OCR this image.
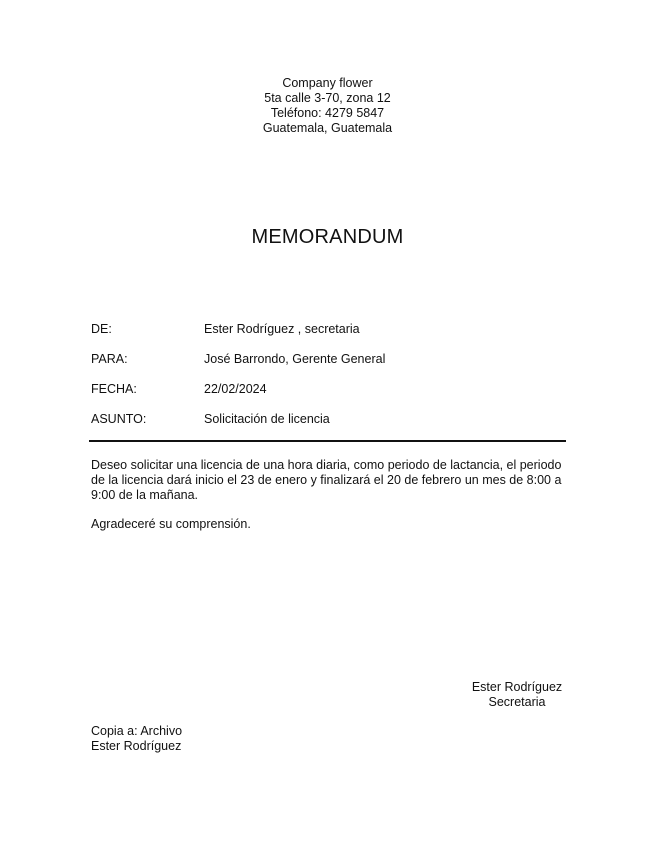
Company flower
5ta calle 3-70, zona 12
Teléfono: 4279 5847
Guatemala, Guatemala
MEMORANDUM
DE:	Ester Rodríguez , secretaria
PARA:	José Barrondo, Gerente General
FECHA:	22/02/2024
ASUNTO:	Solicitación de licencia

Deseo solicitar una licencia de una hora diaria, como periodo de lactancia, el periodo de la licencia dará inicio el 23 de enero y finalizará el 20 de febrero un mes de 8:00 a 9:00 de la mañana.

Agradeceré su comprensión.

Ester Rodríguez
Secretaria
Copia a: Archivo
Ester Rodríguez
